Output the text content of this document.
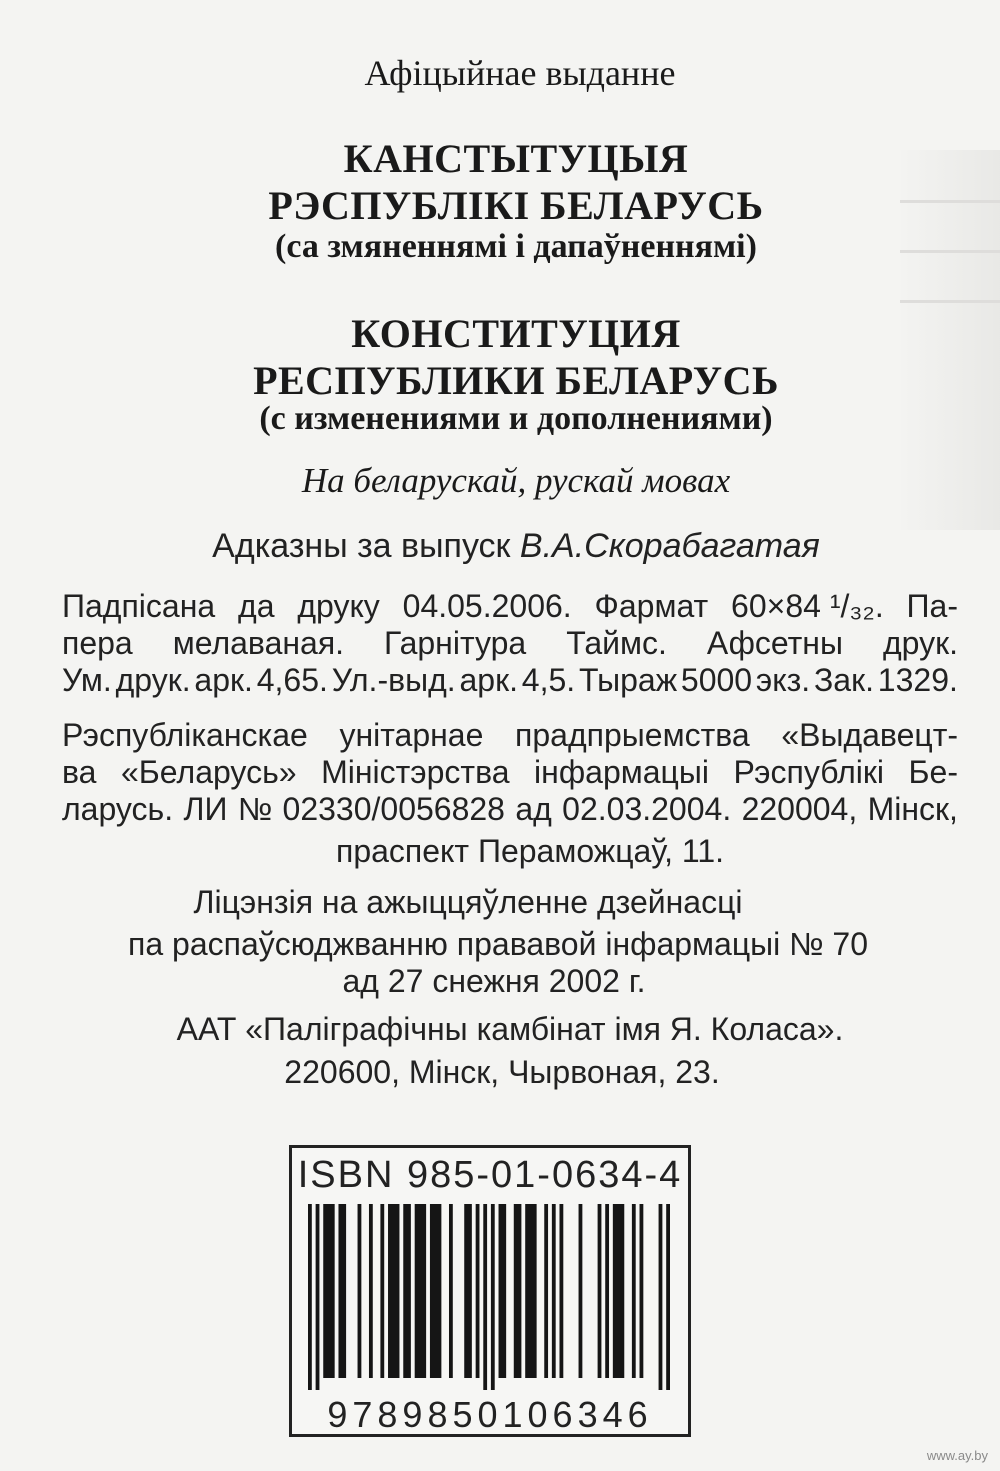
Афіцыйнае выданне
КАНСТЫТУЦЫЯ
РЭСПУБЛІКІ БЕЛАРУСЬ
(са змяненнямі і дапаўненнямі)
КОНСТИТУЦИЯ
РЕСПУБЛИКИ БЕЛАРУСЬ
(с изменениями и дополнениями)
На беларускай, рускай мовах
Адказны за выпуск В.А.Скорабагатая
Падпісана да друку 04.05.2006. Фармат 60×84 ¹/₃₂. Па-
пера мелаваная. Гарнітура Таймс. Афсетны друк.
Ум. друк. арк. 4,65. Ул.-выд. арк. 4,5. Тыраж 5000 экз. Зак. 1329.
Рэспубліканскае унітарнае прадпрыемства «Выдавецт-
ва «Беларусь» Міністэрства інфармацыі Рэспублікі Бе-
ларусь. ЛИ № 02330/0056828 ад 02.03.2004. 220004, Мінск,
праспект Пераможцаў, 11.
Ліцэнзія на ажыццяўленне дзейнасці
па распаўсюджванню прававой інфармацыі № 70
ад 27 снежня 2002 г.
ААТ «Паліграфічны камбінат імя Я. Коласа».
220600, Мінск, Чырвоная, 23.
ISBN 985-01-0634-4
9789850106346
www.ay.by
